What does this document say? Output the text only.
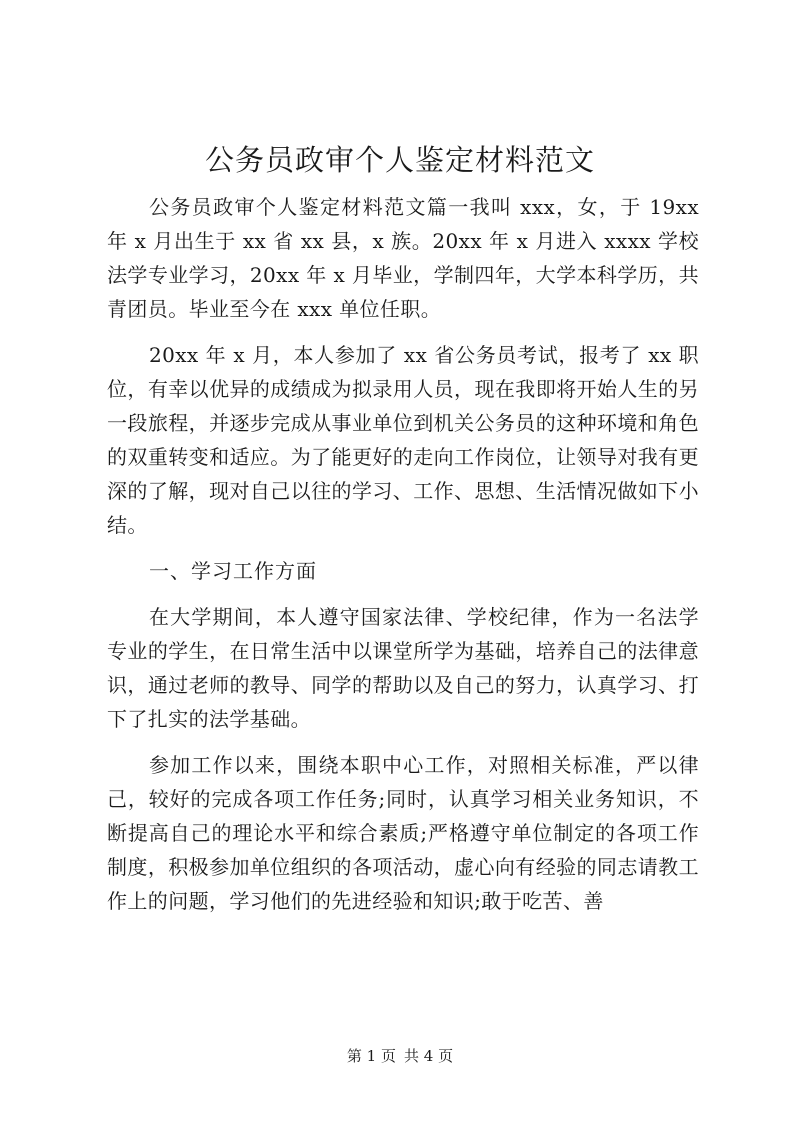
公务员政审个人鉴定材料范文

公务员政审个人鉴定材料范文篇一我叫 xxx，女，于 19xx 年 x 月出生于 xx 省 xx 县，x 族。20xx 年 x 月进入 xxxx 学校法学专业学习，20xx 年 x 月毕业，学制四年，大学本科学历，共青团员。毕业至今在 xxx 单位任职。

20xx 年 x 月，本人参加了 xx 省公务员考试，报考了 xx 职位，有幸以优异的成绩成为拟录用人员，现在我即将开始人生的另一段旅程，并逐步完成从事业单位到机关公务员的这种环境和角色的双重转变和适应。为了能更好的走向工作岗位，让领导对我有更深的了解，现对自己以往的学习、工作、思想、生活情况做如下小结。

一、学习工作方面

在大学期间，本人遵守国家法律、学校纪律，作为一名法学专业的学生，在日常生活中以课堂所学为基础，培养自己的法律意识，通过老师的教导、同学的帮助以及自己的努力，认真学习、打下了扎实的法学基础。

参加工作以来，围绕本职中心工作，对照相关标准，严以律己，较好的完成各项工作任务;同时，认真学习相关业务知识，不断提高自己的理论水平和综合素质;严格遵守单位制定的各项工作制度，积极参加单位组织的各项活动，虚心向有经验的同志请教工作上的问题，学习他们的先进经验和知识;敢于吃苦、善

第 1 页 共 4 页
